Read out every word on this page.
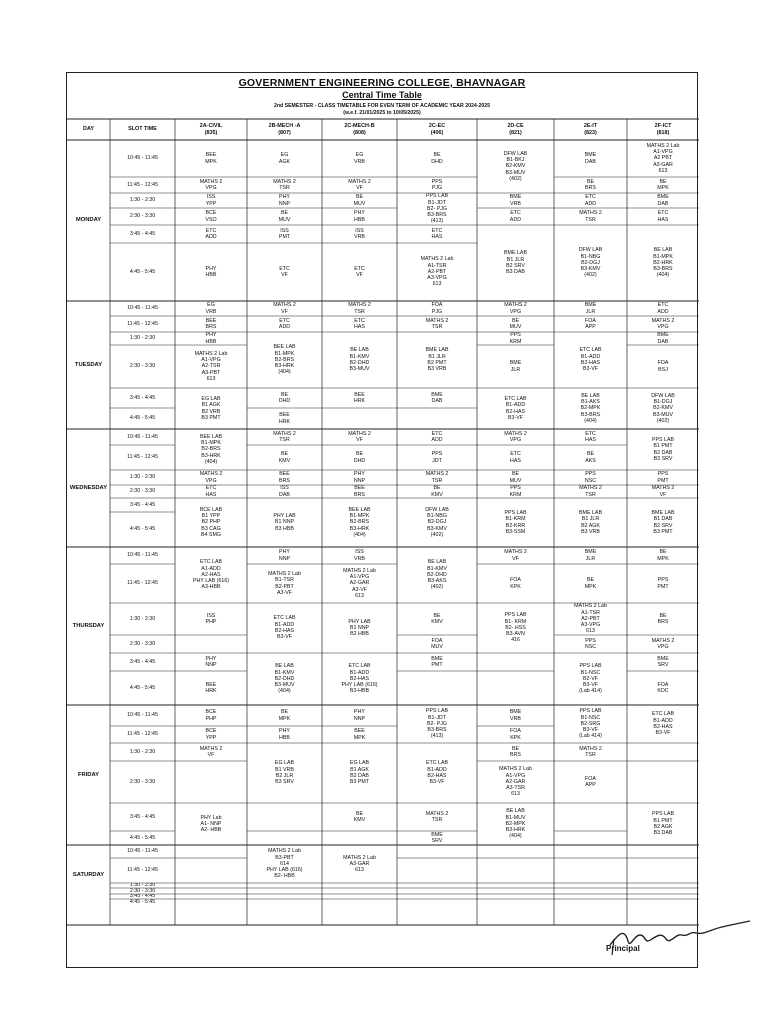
GOVERNMENT ENGINEERING COLLEGE, BHAVNAGAR
Central Time Table
2nd SEMESTER - CLASS TIMETABLE FOR EVEN TERM OF ACADEMIC YEAR 2024-2025
(w.e.f. 21/01/2025 to 10/05/2025)
DAY	SLOT TIME
2A-CIVIL
(835)
2B-MECH -A
(807)
2C-MECH-B
(808)
2C-EC
(406)
2D-CE
(821)
2E-IT
(823)
2F-ICT
(818)
MONDAY
10:45 - 11:45
11:45 - 12:45
1:30 - 2:30
2:30 - 3:30
3:45 - 4:45
4:45 - 5:45
BEE
MPK
MATHS 2
VPG
ISS
YPP
BCE
VSO
ETC
ADD
PHY
HBB
EG
AGK
MATHS 2
TSR
PHY
NNP
BE
MUV
ISS
PMT
ETC
VF
EG
VRB
MATHS 2
VF
BE
MUV
PHY
HBB
ISS
VRB
ETC
VF
BE
DHD
PPS
PJG
PPS LAB
B1-JDT
B2- PJG
B3-BRS
(413)
ETC
HAS
MATHS 2 Lab
A1-TSR
A2-PBT
A3-VPG
613
DFW LAB
B1-BKJ
B2-KMV
B3-MUV
(402)
BME
VRB
ETC
ADD
BME LAB
B1 JLR
B2 SRV
B3 DAB
BME
DAB
BE
BRS
ETC
ADD
MATHS 2
TSR
DFW LAB
B1-NBG
B2-DGJ
B3-KMV
(402)
MATHS 2 Lab
A1-VPG
A2 PBT
A3-GAR
613
BE
MPK
BME
DAB
ETC
HAS
BE LAB
B1-MPK
B2-HRK
B3-BRS
(404)
TUESDAY
10:45 - 11:45
11:45 - 12:45
1:30 - 2:30
2:30 - 3:30
3:45 - 4:45
4:45 - 5:45
EG
VRB
BEE
BRS
PHY
HBB
MATHS 2 Lab
A1-VPG
A2-TSR
A3-PBT
613
EG LAB
B1 AGK
B2 VRB
B3 PMT
MATHS 2
VF
ETC
ADD
BEE LAB
B1-MPK
B2-BRS
B3-HRK
(404)
BE
DHD
BEE
HRK
MATHS 2
TSR
ETC
HAS
BE LAB
B1-KMV
B2-DHD
B3-MUV
BEE
HRK
FOA
PJG
MATHS 2
TSR
BME LAB
B1 JLR
B2 PMT
B3 VRB
BME
DAB
MATHS 2
VPG
BE
MUV
PPS
KRM
BME
JLR
ETC LAB
B1-ADD
B2-HAS
B3-VF
BME
JLR
FOA
APP
ETC LAB
B1-ADD
B2-HAS
B3-VF
BE LAB
B1-AKS
B2-MPK
B3-BRS
(404)
ETC
ADD
MATHS 2
VPG
BME
DAB
FOA
BSJ
DFW LAB
B1-DGJ
B2-KMV
B3-MUV
(402)
WEDNESDAY
10:45 - 11:45
11:45 - 12:45
1:30 - 2:30
2:30 - 3:30
3:45 - 4:45
4:45 - 5:45
BEE LAB
B1-MPK
B2-BRS
B3-HRK
(404)
MATHS 2
VPG
ETC
HAS
BCE LAB
B1 YPP
B2 PHP
B3 CAG
B4 SMG
MATHS 2
TSR
BE
KMV
BEE
BRS
ISS
DAB
PHY LAB
B1 NNP
B3 HBB
MATHS 2
VF
BE
DHD
PHY
NNP
BEE
BRS
BEE LAB
B1-MPK
B2-BRS
B3-HRK
(404)
ETC
ADD
PPS
JDT
MATHS 2
TSR
BE
KMV
DFW LAB
B1-NBG
B2-DGJ
B3-KMV
(402)
MATHS 2
VPG
ETC
HAS
BE
MUV
PPS
KRM
PPS LAB
B1-KRM
B2-KRR
B3-SSM
ETC
HAS
BE
AKS
PPS
NSC
MATHS 2
TSR
BME LAB
B1 JLR
B2 AGK
B3 VRB
PPS LAB
B1 PMT
B2 DAB
B3 SRV
PPS
PMT
MATHS 2
VF
BME LAB
B1 DAB
B2 SRV
B3 PMT
THURSDAY
10:45 - 11:45
11:45 - 12:45
1:30 - 2:30
2:30 - 3:30
3:45 - 4:45
4:45 - 5:45
ETC LAB
A1-ADD
A2-HAS
PHY LAB (616)
A3-HBB
ISS
PHP
PHY
NNP
BEE
HRK
PHY
NNP
MATHS 2 Lab
B1-TSR
B2-PBT
A3-VF
ETC LAB
B1-ADD
B2-HAS
B3-VF
BE LAB
B1-KMV
B2-DHD
B3-MUV
(404)
ISS
VRB
MATHS 2 Lab
A1-VPG
A2-GAR
A3-VF
613
PHY LAB
B1 NNP
B2 HBB
ETC LAB
B1-ADD
B2-HAS
PHY LAB (616)
B3-HBB
BE LAB
B1-KMV
B2-DHD
B3-AKS
(402)
BE
KMV
FOA
MUV
BME
PMT
MATHS 2
VF
FOA
KPK
PPS LAB
B1- KRM
B2- HSS
B3-AVN
416
BME
JLR
BE
MPK
MATHS 2 Lab
A1-TSR
A2-PBT
A3-VPG
613
PPS
NSC
PPS LAB
B1-NSC
B2-VF
B3-VF
(Lab 414)
BE
MPK
PPS
PMT
BE
BRS
MATHS 2
VPG
BME
SRV
FOA
KDC
FRIDAY
10:45 - 11:45
11:45 - 12:45
1:30 - 2:30
2:30 - 3:30
3:45 - 4:45
4:45 - 5:45
BCE
PHP
BCE
YPP
MATHS 2
VF
PHY Lab
A1- NNP
A2- HBB
BE
MPK
PHY
HBB
EG LAB
B1 VRB
B2 JLR
B3 SRV
PHY
NNP
BEE
MPK
EG LAB
B1 AGK
B2 DAB
B3 PMT
BE
KMV
PPS LAB
B1-JDT
B2- PJG
B3-BRS
(413)
ETC LAB
B1-ADD
B2-HAS
B3-VF
MATHS 2
TSR
BME
SRV
BME
VRB
FOA
KPK
BE
BRS
MATHS 2 Lab
A1-VPG
A2-GAR
A3-TSR
613
BE LAB
B1-MUV
B2-MPK
B3-HRK
(404)
PPS LAB
B1-NSC
B2-SRG
B3-VF
(Lab 414)
MATHS 2
TSR
FOA
APP
ETC LAB
B1-ADD
B2-HAS
B3-VF
PPS LAB
B1 PMT
B2 AGK
B3 DAB
SATURDAY
10:45 - 11:45
11:45 - 12:45
1:30 - 2:30
2:30 - 3:30
3:45 - 4:45
4:45 - 5:45
MATHS 2 Lab
B3-PBT
614
PHY LAB (616)
B2- HBB
MATHS 2 Lab
A3-GAR
613
Principal
